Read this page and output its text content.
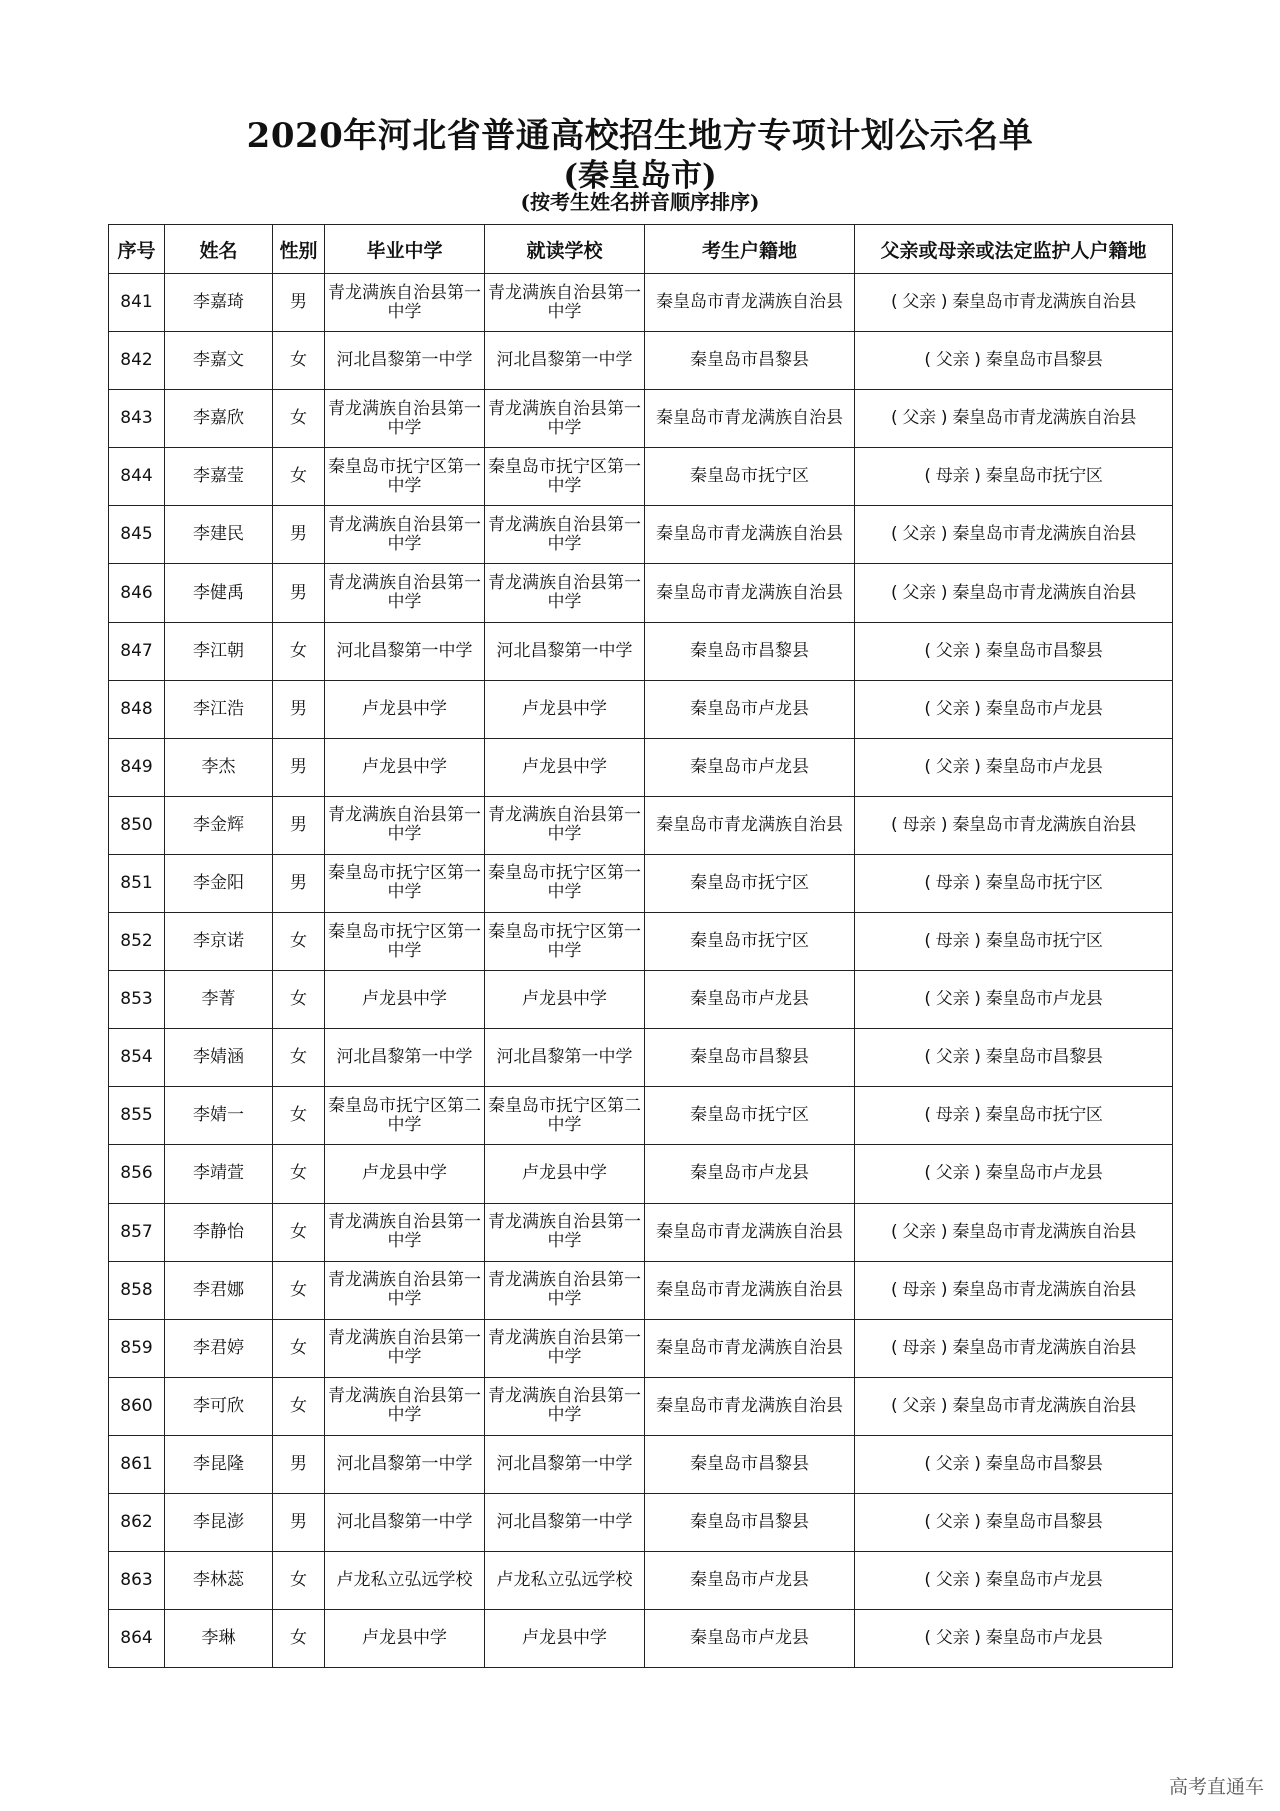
2020年河北省普通高校招生地方专项计划公示名单
(秦皇岛市)
(按考生姓名拼音顺序排序)
序号	姓名	性别	毕业中学	就读学校	考生户籍地	父亲或母亲或法定监护人户籍地
841	李嘉琦	男	青龙满族自治县第一中学	青龙满族自治县第一中学	秦皇岛市青龙满族自治县	( 父亲 ) 秦皇岛市青龙满族自治县
842	李嘉文	女	河北昌黎第一中学	河北昌黎第一中学	秦皇岛市昌黎县	( 父亲 ) 秦皇岛市昌黎县
843	李嘉欣	女	青龙满族自治县第一中学	青龙满族自治县第一中学	秦皇岛市青龙满族自治县	( 父亲 ) 秦皇岛市青龙满族自治县
844	李嘉莹	女	秦皇岛市抚宁区第一中学	秦皇岛市抚宁区第一中学	秦皇岛市抚宁区	( 母亲 ) 秦皇岛市抚宁区
845	李建民	男	青龙满族自治县第一中学	青龙满族自治县第一中学	秦皇岛市青龙满族自治县	( 父亲 ) 秦皇岛市青龙满族自治县
846	李健禹	男	青龙满族自治县第一中学	青龙满族自治县第一中学	秦皇岛市青龙满族自治县	( 父亲 ) 秦皇岛市青龙满族自治县
847	李江朝	女	河北昌黎第一中学	河北昌黎第一中学	秦皇岛市昌黎县	( 父亲 ) 秦皇岛市昌黎县
848	李江浩	男	卢龙县中学	卢龙县中学	秦皇岛市卢龙县	( 父亲 ) 秦皇岛市卢龙县
849	李杰	男	卢龙县中学	卢龙县中学	秦皇岛市卢龙县	( 父亲 ) 秦皇岛市卢龙县
850	李金辉	男	青龙满族自治县第一中学	青龙满族自治县第一中学	秦皇岛市青龙满族自治县	( 母亲 ) 秦皇岛市青龙满族自治县
851	李金阳	男	秦皇岛市抚宁区第一中学	秦皇岛市抚宁区第一中学	秦皇岛市抚宁区	( 母亲 ) 秦皇岛市抚宁区
852	李京诺	女	秦皇岛市抚宁区第一中学	秦皇岛市抚宁区第一中学	秦皇岛市抚宁区	( 母亲 ) 秦皇岛市抚宁区
853	李菁	女	卢龙县中学	卢龙县中学	秦皇岛市卢龙县	( 父亲 ) 秦皇岛市卢龙县
854	李婧涵	女	河北昌黎第一中学	河北昌黎第一中学	秦皇岛市昌黎县	( 父亲 ) 秦皇岛市昌黎县
855	李婧一	女	秦皇岛市抚宁区第二中学	秦皇岛市抚宁区第二中学	秦皇岛市抚宁区	( 母亲 ) 秦皇岛市抚宁区
856	李靖萱	女	卢龙县中学	卢龙县中学	秦皇岛市卢龙县	( 父亲 ) 秦皇岛市卢龙县
857	李静怡	女	青龙满族自治县第一中学	青龙满族自治县第一中学	秦皇岛市青龙满族自治县	( 父亲 ) 秦皇岛市青龙满族自治县
858	李君娜	女	青龙满族自治县第一中学	青龙满族自治县第一中学	秦皇岛市青龙满族自治县	( 母亲 ) 秦皇岛市青龙满族自治县
859	李君婷	女	青龙满族自治县第一中学	青龙满族自治县第一中学	秦皇岛市青龙满族自治县	( 母亲 ) 秦皇岛市青龙满族自治县
860	李可欣	女	青龙满族自治县第一中学	青龙满族自治县第一中学	秦皇岛市青龙满族自治县	( 父亲 ) 秦皇岛市青龙满族自治县
861	李昆隆	男	河北昌黎第一中学	河北昌黎第一中学	秦皇岛市昌黎县	( 父亲 ) 秦皇岛市昌黎县
862	李昆澎	男	河北昌黎第一中学	河北昌黎第一中学	秦皇岛市昌黎县	( 父亲 ) 秦皇岛市昌黎县
863	李林蕊	女	卢龙私立弘远学校	卢龙私立弘远学校	秦皇岛市卢龙县	( 父亲 ) 秦皇岛市卢龙县
864	李琳	女	卢龙县中学	卢龙县中学	秦皇岛市卢龙县	( 父亲 ) 秦皇岛市卢龙县
高考直通车
